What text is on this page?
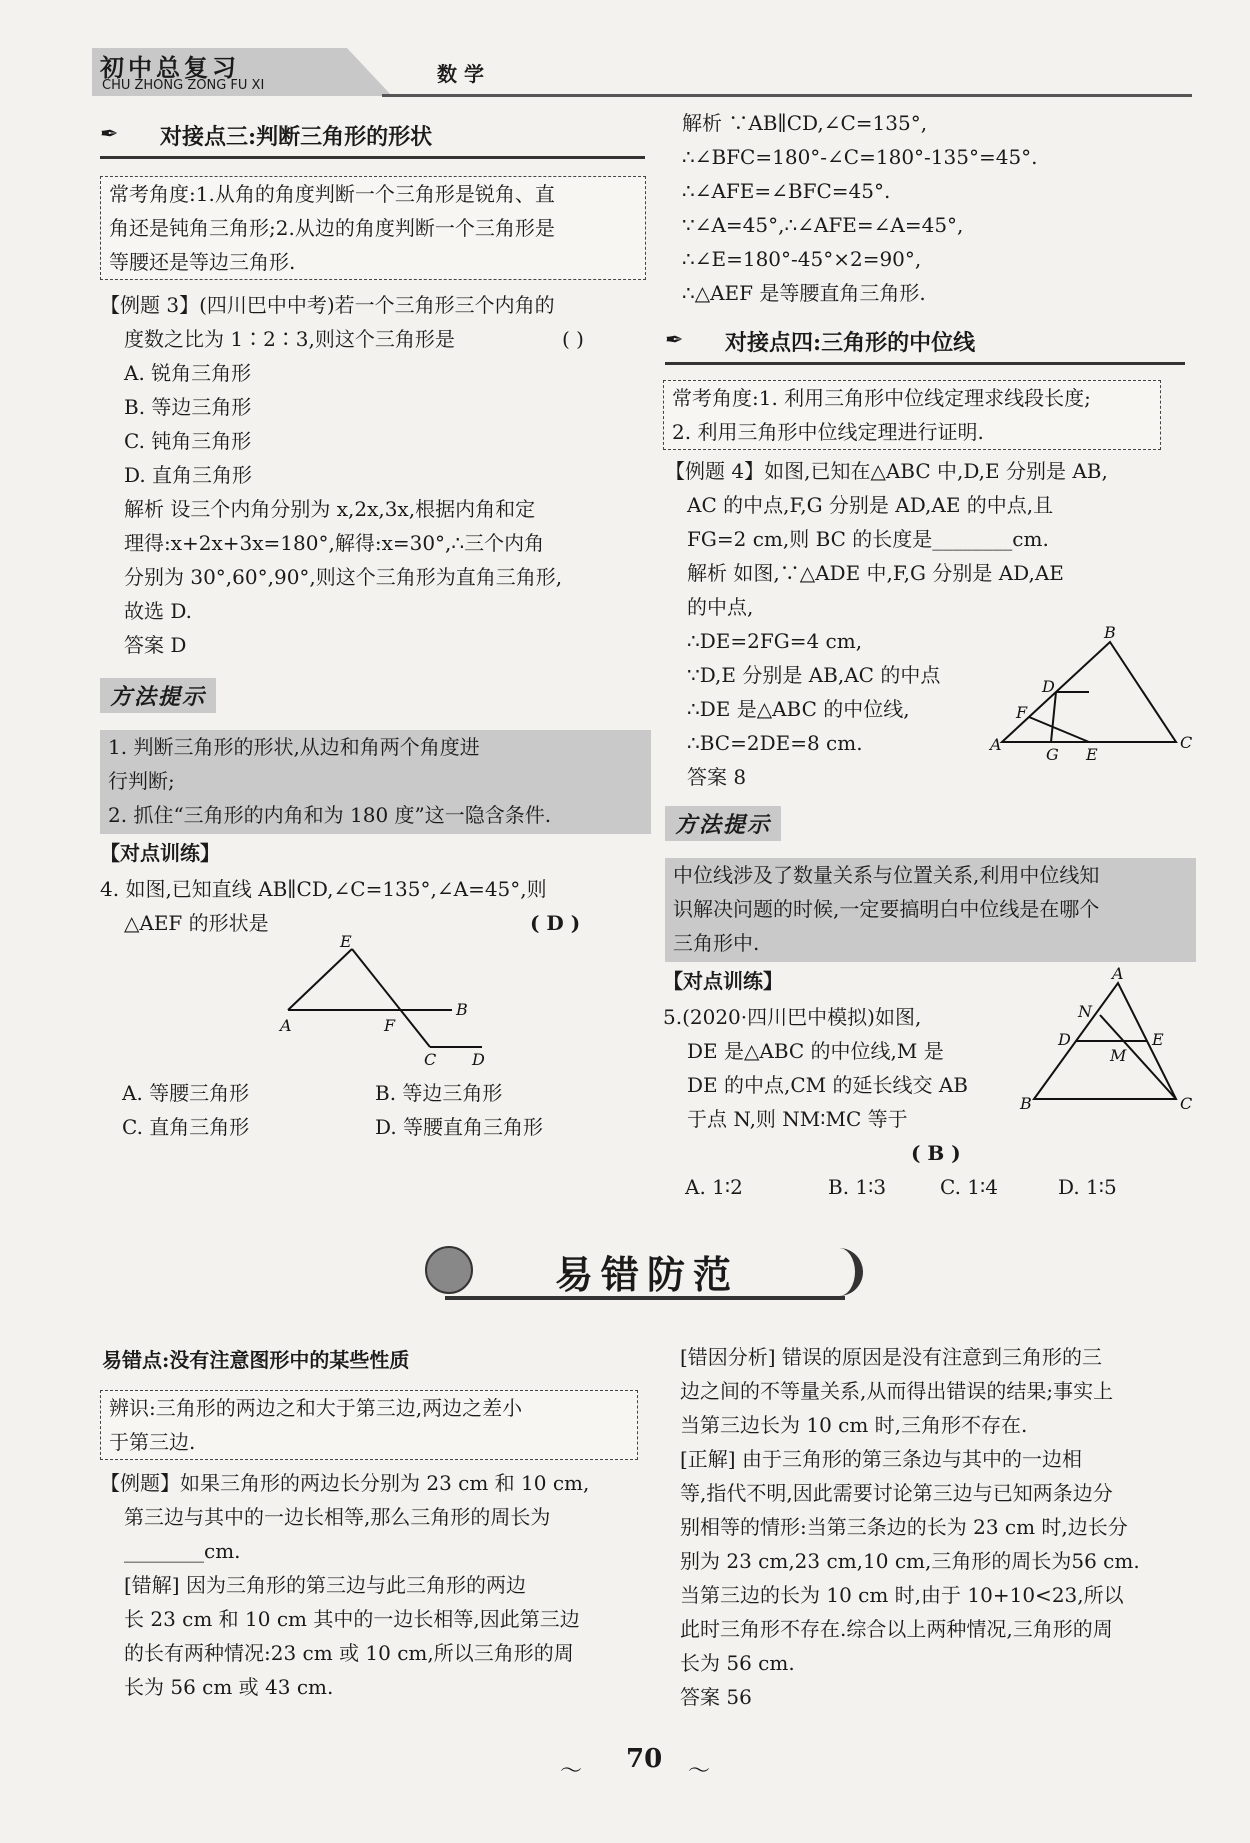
初中总复习
CHU ZHONG ZONG FU XI	数 学
✒ 对接点三:判断三角形的形状
常考角度:1.从角的角度判断一个三角形是锐角、直
角还是钝角三角形;2.从边的角度判断一个三角形是
等腰还是等边三角形.
【例题 3】(四川巴中中考)若一个三角形三个内角的
度数之比为 1∶2∶3,则这个三角形是	( )
A. 锐角三角形
B. 等边三角形
C. 钝角三角形
D. 直角三角形
解析 设三个内角分别为 x,2x,3x,根据内角和定
理得:x+2x+3x=180°,解得:x=30°,∴三个内角
分别为 30°,60°,90°,则这个三角形为直角三角形,
故选 D.
答案 D
方法提示
1. 判断三角形的形状,从边和角两个角度进
行判断;
2. 抓住“三角形的内角和为 180 度”这一隐含条件.
【对点训练】
4. 如图,已知直线 AB∥CD,∠C=135°,∠A=45°,则
△AEF 的形状是	( D )
E
A	F
B
C D
A. 等腰三角形	B. 等边三角形
C. 直角三角形	D. 等腰直角三角形
解析 ∵AB∥CD,∠C=135°,
∴∠BFC=180°-∠C=180°-135°=45°.
∴∠AFE=∠BFC=45°.
∵∠A=45°,∴∠AFE=∠A=45°,
∴∠E=180°-45°×2=90°,
∴△AEF 是等腰直角三角形.
✒ 对接点四:三角形的中位线
常考角度:1. 利用三角形中位线定理求线段长度;
2. 利用三角形中位线定理进行证明.
【例题 4】如图,已知在△ABC 中,D,E 分别是 AB,
AC 的中点,F,G 分别是 AD,AE 的中点,且
FG=2 cm,则 BC 的长度是________cm.
解析 如图,∵△ADE 中,F,G 分别是 AD,AE
的中点,
∴DE=2FG=4 cm,
∵D,E 分别是 AB,AC 的中点
∴DE 是△ABC 的中位线,
∴BC=2DE=8 cm.
答案 8
B
D
F
A
G E
C
方法提示
中位线涉及了数量关系与位置关系,利用中位线知
识解决问题的时候,一定要搞明白中位线是在哪个
三角形中.
【对点训练】
5.(2020·四川巴中模拟)如图,
DE 是△ABC 的中位线,M 是
DE 的中点,CM 的延长线交 AB
于点 N,则 NM∶MC 等于
( B )
A
N
D	E
M
B	C
A. 1∶2	B. 1∶3	C. 1∶4	D. 1∶5
易错防范
易错点:没有注意图形中的某些性质
辨识:三角形的两边之和大于第三边,两边之差小
于第三边.
【例题】如果三角形的两边长分别为 23 cm 和 10 cm,
第三边与其中的一边长相等,那么三角形的周长为
________cm.
[错解] 因为三角形的第三边与此三角形的两边
长 23 cm 和 10 cm 其中的一边长相等,因此第三边
的长有两种情况:23 cm 或 10 cm,所以三角形的周
长为 56 cm 或 43 cm.
[错因分析] 错误的原因是没有注意到三角形的三
边之间的不等量关系,从而得出错误的结果;事实上
当第三边长为 10 cm 时,三角形不存在.
[正解] 由于三角形的第三条边与其中的一边相
等,指代不明,因此需要讨论第三边与已知两条边分
别相等的情形:当第三条边的长为 23 cm 时,边长分
别为 23 cm,23 cm,10 cm,三角形的周长为56 cm.
当第三边的长为 10 cm 时,由于 10+10<23,所以
此时三角形不存在.综合以上两种情况,三角形的周
长为 56 cm.
答案 56
〜	〜
70
